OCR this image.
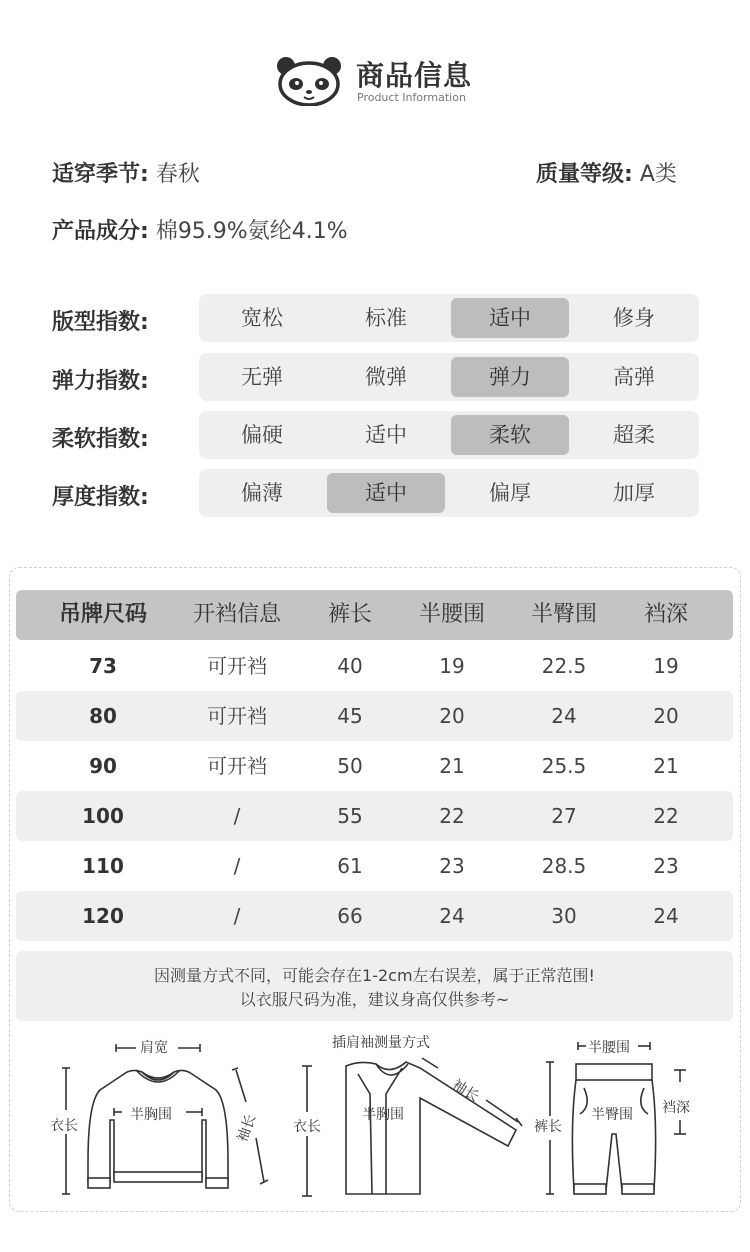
商品信息
Product Information
适穿季节: 春秋	质量等级: A类
产品成分: 棉95.9%氨纶4.1%
版型指数:	宽松	标准	适中	修身
弹力指数:	无弹	微弹	弹力	高弹
柔软指数:	偏硬	适中	柔软	超柔
厚度指数:	偏薄	适中	偏厚	加厚
吊牌尺码	开裆信息	裤长	半腰围	半臀围	裆深
73	可开裆	40	19	22.5	19
80	可开裆	45	20	24	20
90	可开裆	50	21	25.5	21
100	/	55	22	27	22
110	/	61	23	28.5	23
120	/	66	24	30	24
因测量方式不同，可能会存在1-2cm左右误差，属于正常范围!
以衣服尺码为准，建议身高仅供参考~
肩宽
衣长
半胸围	袖长
插肩袖测量方式
衣长
半胸围
袖长
半腰围
裤长
半臀围 裆深
